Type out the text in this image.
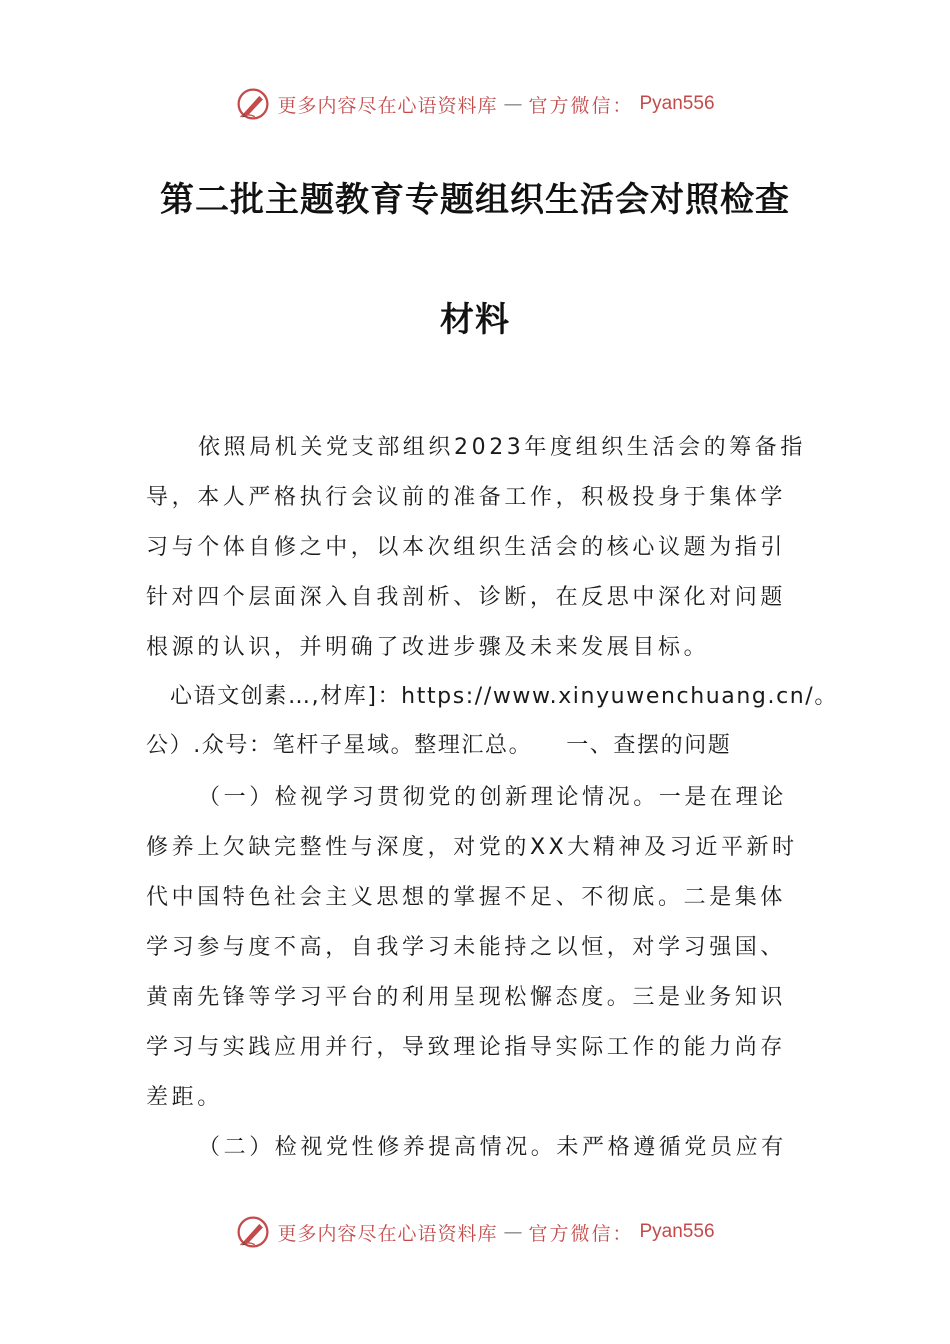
更多内容尽在心语资料库 — 官方微信： Pyan556
第二批主题教育专题组织生活会对照检查
材料
依照局机关党支部组织2023年度组织生活会的筹备指
导，本人严格执行会议前的准备工作，积极投身于集体学
习与个体自修之中，以本次组织生活会的核心议题为指引
针对四个层面深入自我剖析、诊断，在反思中深化对问题
根源的认识，并明确了改进步骤及未来发展目标。
心语文创素…,材库]：https://www.xinyuwenchuang.cn/。
公）.众号：笔杆子星域。整理汇总。 一、查摆的问题
（一）检视学习贯彻党的创新理论情况。一是在理论
修养上欠缺完整性与深度，对党的XX大精神及习近平新时
代中国特色社会主义思想的掌握不足、不彻底。二是集体
学习参与度不高，自我学习未能持之以恒，对学习强国、
黄南先锋等学习平台的利用呈现松懈态度。三是业务知识
学习与实践应用并行，导致理论指导实际工作的能力尚存
差距。
（二）检视党性修养提高情况。未严格遵循党员应有
更多内容尽在心语资料库 — 官方微信： Pyan556
